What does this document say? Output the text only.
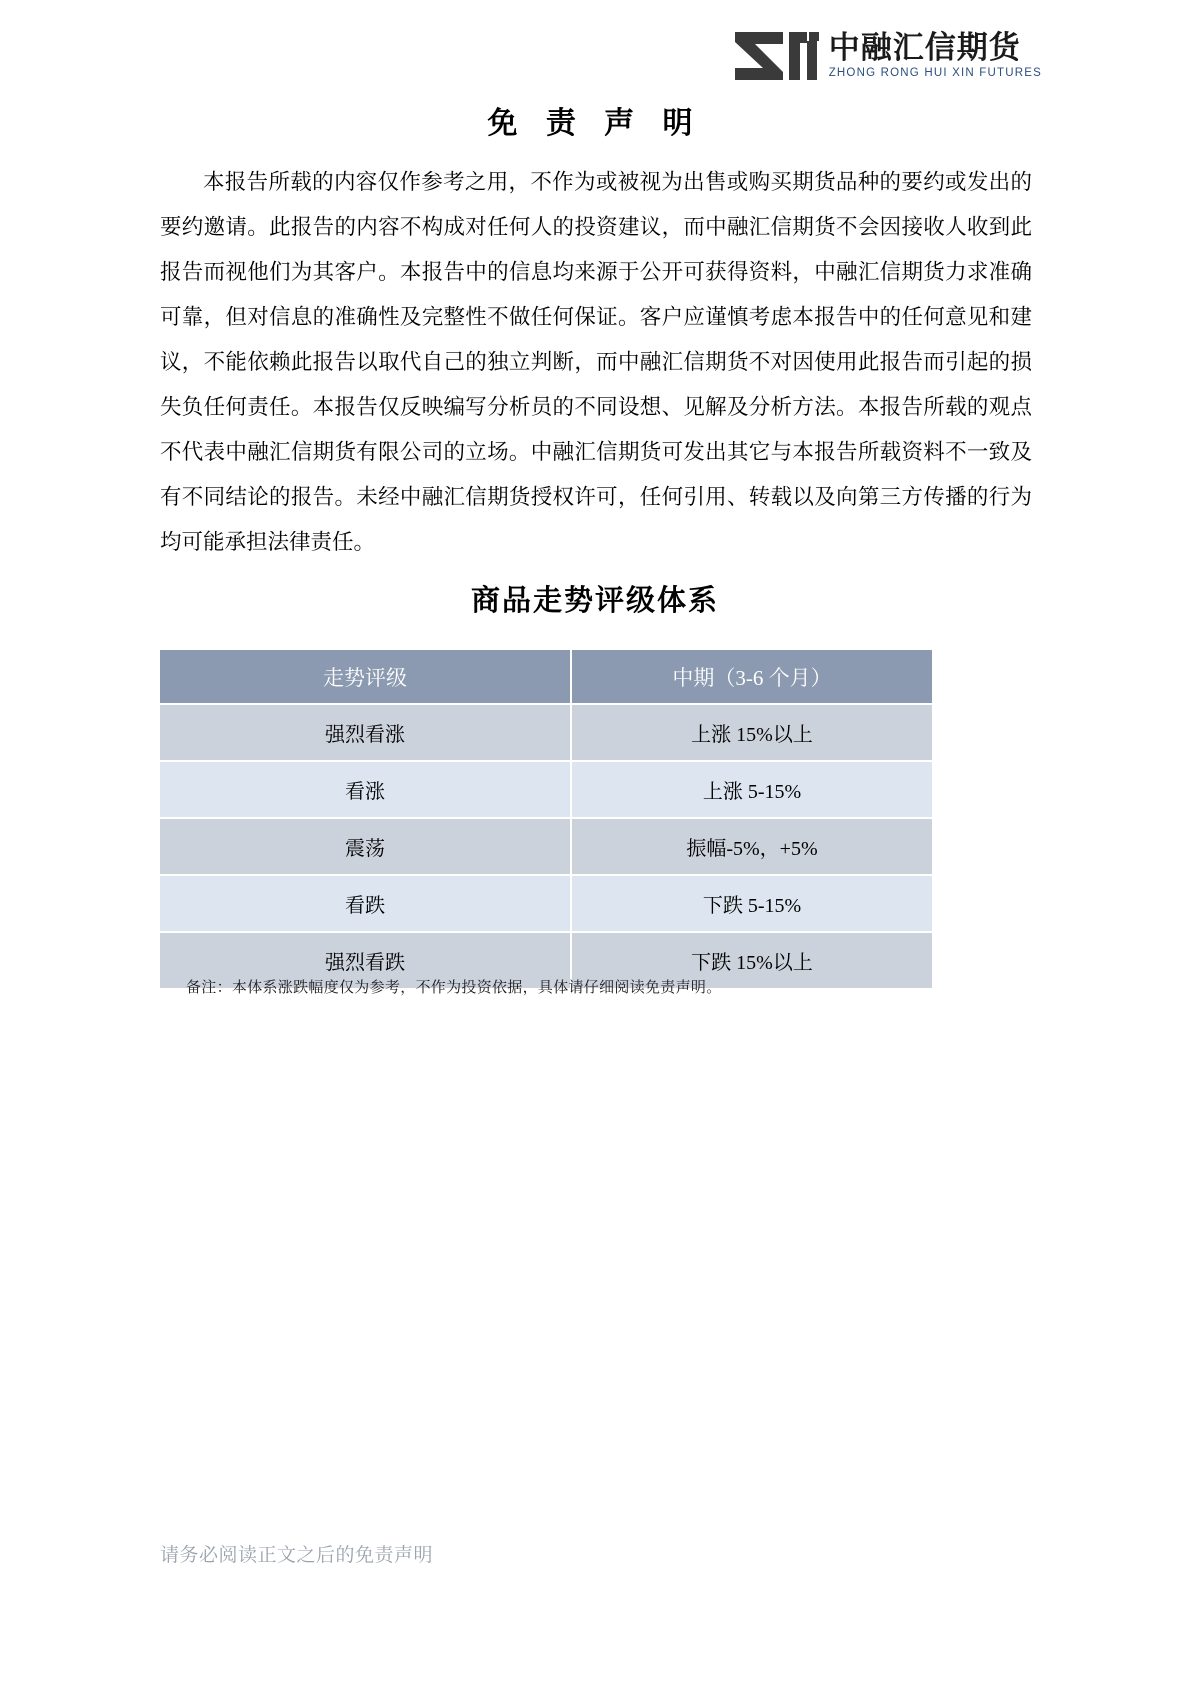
中融汇信期货
ZHONG RONG HUI XIN FUTURES
免 责 声 明
本报告所载的内容仅作参考之用，不作为或被视为出售或购买期货品种的要约或发出的要约邀请。此报告的内容不构成对任何人的投资建议，而中融汇信期货不会因接收人收到此报告而视他们为其客户。本报告中的信息均来源于公开可获得资料，中融汇信期货力求准确可靠，但对信息的准确性及完整性不做任何保证。客户应谨慎考虑本报告中的任何意见和建议，不能依赖此报告以取代自己的独立判断，而中融汇信期货不对因使用此报告而引起的损失负任何责任。本报告仅反映编写分析员的不同设想、见解及分析方法。本报告所载的观点不代表中融汇信期货有限公司的立场。中融汇信期货可发出其它与本报告所载资料不一致及有不同结论的报告。未经中融汇信期货授权许可，任何引用、转载以及向第三方传播的行为均可能承担法律责任。
商品走势评级体系
走势评级	中期（3-6 个月）
强烈看涨	上涨 15%以上
看涨	上涨 5-15%
震荡	振幅-5%，+5%
看跌	下跌 5-15%
强烈看跌	下跌 15%以上
备注：本体系涨跌幅度仅为参考，不作为投资依据，具体请仔细阅读免责声明。
请务必阅读正文之后的免责声明
